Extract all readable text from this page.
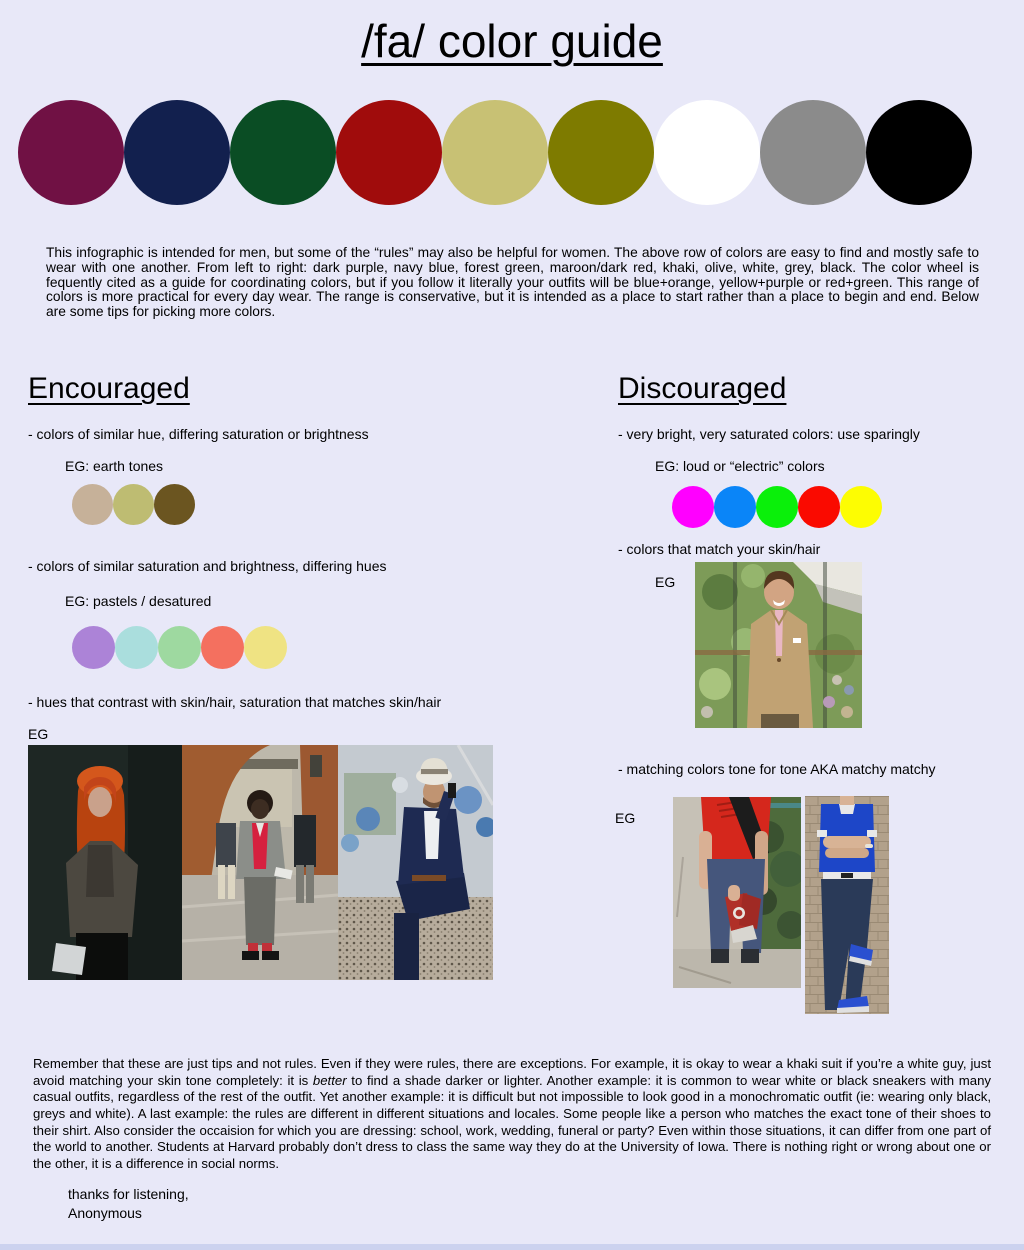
/fa/ color guide
This infographic is intended for men, but some of the “rules” may also be helpful for women. The above row of colors are easy to find and mostly safe to wear with one another. From left to right: dark purple, navy blue, forest green, maroon/dark red, khaki, olive, white, grey, black. The color wheel is fequently cited as a guide for coordinating colors, but if you follow it literally your outfits will be blue+orange, yellow+purple or red+green. This range of colors is more practical for every day wear. The range is conservative, but it is intended as a place to start rather than a place to begin and end. Below are some tips for picking more colors.
Encouraged
- colors of similar hue, differing saturation or brightness
EG: earth tones
- colors of similar saturation and brightness, differing hues
EG: pastels / desatured
- hues that contrast with skin/hair, saturation that matches skin/hair
EG
Discouraged
- very bright, very saturated colors: use sparingly
EG: loud or “electric” colors
- colors that match your skin/hair
EG
- matching colors tone for tone AKA matchy matchy
EG
Remember that these are just tips and not rules. Even if they were rules, there are exceptions. For example, it is okay to wear a khaki suit if you’re a white guy, just avoid matching your skin tone completely: it is better to find a shade darker or lighter. Another example: it is common to wear white or black sneakers with many casual outfits, regardless of the rest of the outfit. Yet another example: it is difficult but not impossible to look good in a monochromatic outfit (ie: wearing only black, greys and white). A last example: the rules are different in different situations and locales. Some people like a person who matches the exact tone of their shoes to their shirt. Also consider the occaision for which you are dressing: school, work, wedding, funeral or party? Even within those situations, it can differ from one part of the world to another. Students at Harvard probably don’t dress to class the same way they do at the University of Iowa. There is nothing right or wrong about one or the other, it is a difference in social norms.
thanks for listening,
Anonymous
